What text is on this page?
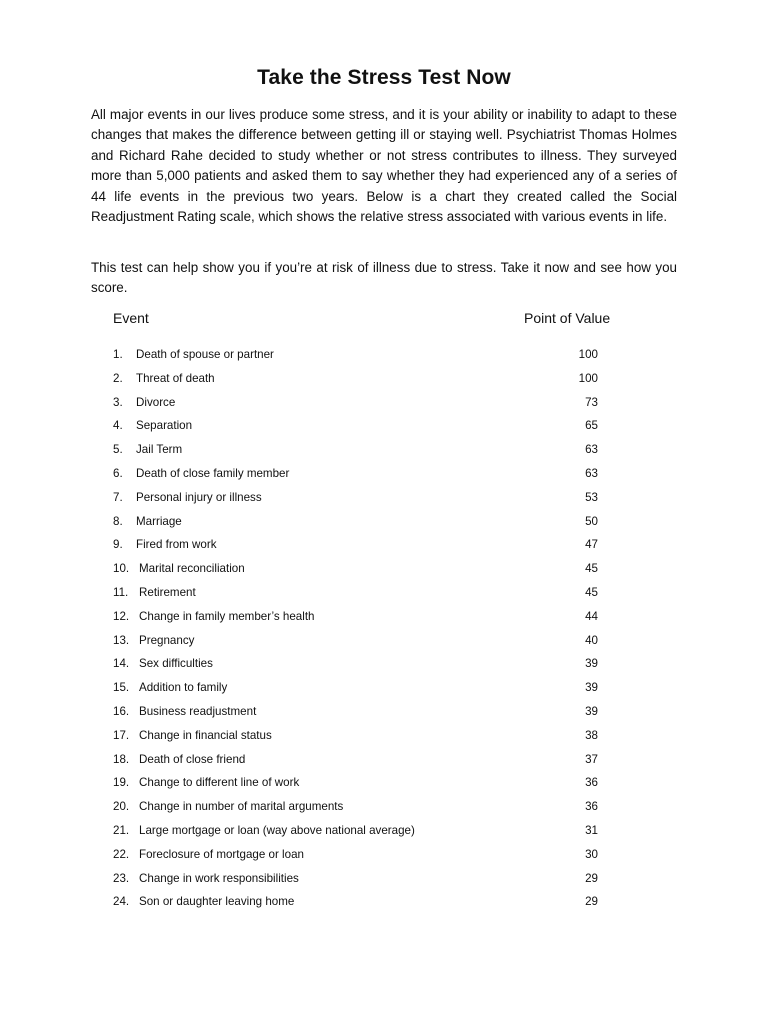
Take the Stress Test Now
All major events in our lives produce some stress, and it is your ability or inability to adapt to these changes that makes the difference between getting ill or staying well. Psychiatrist Thomas Holmes and Richard Rahe decided to study whether or not stress contributes to illness. They surveyed more than 5,000 patients and asked them to say whether they had experienced any of a series of 44 life events in the previous two years. Below is a chart they created called the Social Readjustment Rating scale, which shows the relative stress associated with various events in life.
This test can help show you if you’re at risk of illness due to stress. Take it now and see how you score.
Event	Point of Value
1. Death of spouse or partner	100
2. Threat of death	100
3. Divorce	73
4. Separation	65
5. Jail Term	63
6. Death of close family member	63
7. Personal injury or illness	53
8. Marriage	50
9. Fired from work	47
10. Marital reconciliation	45
11. Retirement	45
12. Change in family member’s health	44
13. Pregnancy	40
14. Sex difficulties	39
15. Addition to family	39
16. Business readjustment	39
17. Change in financial status	38
18. Death of close friend	37
19. Change to different line of work	36
20. Change in number of marital arguments	36
21. Large mortgage or loan (way above national average)	31
22. Foreclosure of mortgage or loan	30
23. Change in work responsibilities	29
24. Son or daughter leaving home	29
